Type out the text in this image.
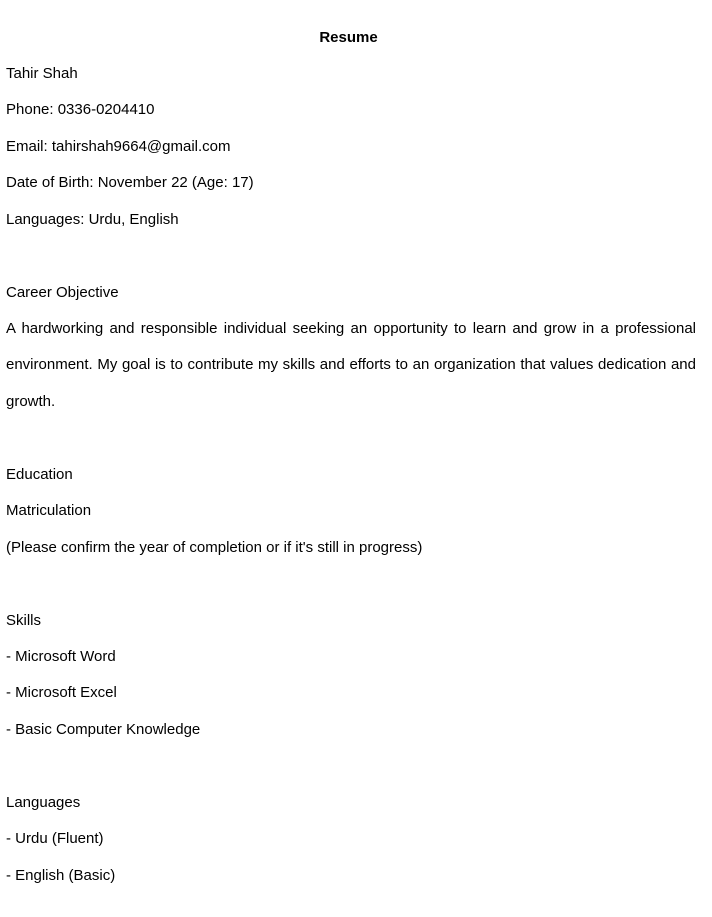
Resume
Tahir Shah
Phone: 0336-0204410
Email: tahirshah9664@gmail.com
Date of Birth: November 22 (Age: 17)
Languages: Urdu, English
Career Objective
A hardworking and responsible individual seeking an opportunity to learn and grow in a professional environment. My goal is to contribute my skills and efforts to an organization that values dedication and growth.
Education
Matriculation
(Please confirm the year of completion or if it's still in progress)
Skills
- Microsoft Word
- Microsoft Excel
- Basic Computer Knowledge
Languages
- Urdu (Fluent)
- English (Basic)
